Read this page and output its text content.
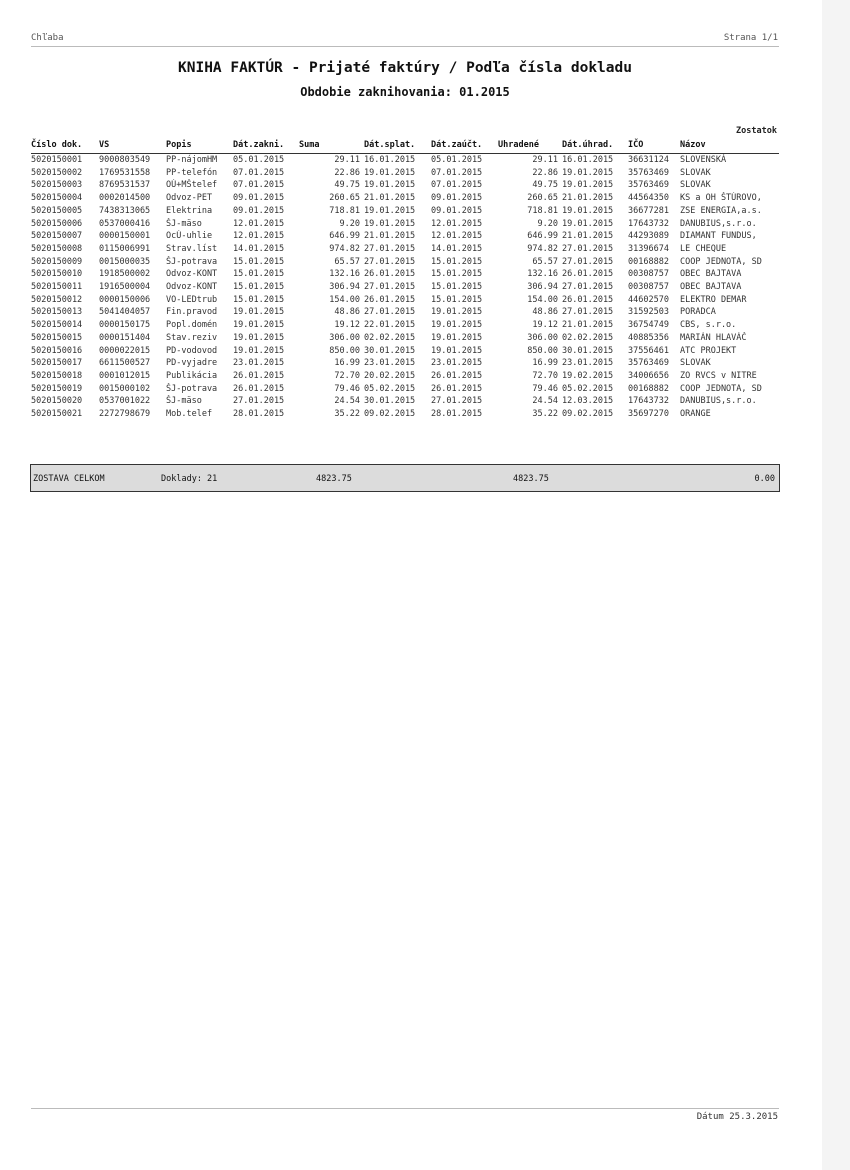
Chľaba	Strana 1/1
KNIHA FAKTÚR - Prijaté faktúry / Podľa čísla dokladu
Obdobie zaknihovania: 01.2015
Zostatok
Číslo dok.	VS	Popis	Dát.zakni.	Suma	Dát.splat.	Dát.zaúčt.	Uhradené	Dát.úhrad.	IČO	Názov
5020150001	9000803549	PP-nájomHM	05.01.2015	29.11	16.01.2015	05.01.2015	29.11	16.01.2015	36631124	SLOVENSKÁ
5020150002	1769531558	PP-telefón	07.01.2015	22.86	19.01.2015	07.01.2015	22.86	19.01.2015	35763469	SLOVAK
5020150003	8769531537	OÚ+MŠtelef	07.01.2015	49.75	19.01.2015	07.01.2015	49.75	19.01.2015	35763469	SLOVAK
5020150004	0002014500	Odvoz-PET	09.01.2015	260.65	21.01.2015	09.01.2015	260.65	21.01.2015	44564350	KS a OH ŠTÚROVO,
5020150005	7438313065	Elektrina	09.01.2015	718.81	19.01.2015	09.01.2015	718.81	19.01.2015	36677281	ZSE ENERGIA,a.s.
5020150006	0537000416	ŠJ-mäso	12.01.2015	9.20	19.01.2015	12.01.2015	9.20	19.01.2015	17643732	DANUBIUS,s.r.o.
5020150007	0000150001	OcÚ-uhlie	12.01.2015	646.99	21.01.2015	12.01.2015	646.99	21.01.2015	44293089	DIAMANT FUNDUS,
5020150008	0115006991	Strav.líst	14.01.2015	974.82	27.01.2015	14.01.2015	974.82	27.01.2015	31396674	LE CHEQUE
5020150009	0015000035	ŠJ-potrava	15.01.2015	65.57	27.01.2015	15.01.2015	65.57	27.01.2015	00168882	COOP JEDNOTA, SD
5020150010	1918500002	Odvoz-KONT	15.01.2015	132.16	26.01.2015	15.01.2015	132.16	26.01.2015	00308757	OBEC BAJTAVA
5020150011	1916500004	Odvoz-KONT	15.01.2015	306.94	27.01.2015	15.01.2015	306.94	27.01.2015	00308757	OBEC BAJTAVA
5020150012	0000150006	VO-LEDtrub	15.01.2015	154.00	26.01.2015	15.01.2015	154.00	26.01.2015	44602570	ELEKTRO DEMAR
5020150013	5041404057	Fin.pravod	19.01.2015	48.86	27.01.2015	19.01.2015	48.86	27.01.2015	31592503	PORADCA
5020150014	0000150175	Popl.domén	19.01.2015	19.12	22.01.2015	19.01.2015	19.12	21.01.2015	36754749	CBS, s.r.o.
5020150015	0000151404	Stav.reziv	19.01.2015	306.00	02.02.2015	19.01.2015	306.00	02.02.2015	40885356	MARIÁN HLAVÁČ
5020150016	0000022015	PD-vodovod	19.01.2015	850.00	30.01.2015	19.01.2015	850.00	30.01.2015	37556461	ATC PROJEKT
5020150017	6611500527	PD-vyjadre	23.01.2015	16.99	23.01.2015	23.01.2015	16.99	23.01.2015	35763469	SLOVAK
5020150018	0001012015	Publikácia	26.01.2015	72.70	20.02.2015	26.01.2015	72.70	19.02.2015	34006656	ZO RVCS v NITRE
5020150019	0015000102	ŠJ-potrava	26.01.2015	79.46	05.02.2015	26.01.2015	79.46	05.02.2015	00168882	COOP JEDNOTA, SD
5020150020	0537001022	ŠJ-mäso	27.01.2015	24.54	30.01.2015	27.01.2015	24.54	12.03.2015	17643732	DANUBIUS,s.r.o.
5020150021	2272798679	Mob.telef	28.01.2015	35.22	09.02.2015	28.01.2015	35.22	09.02.2015	35697270	ORANGE
ZOSTAVA CELKOM	Doklady: 21	4823.75	4823.75	0.00
Dátum 25.3.2015
